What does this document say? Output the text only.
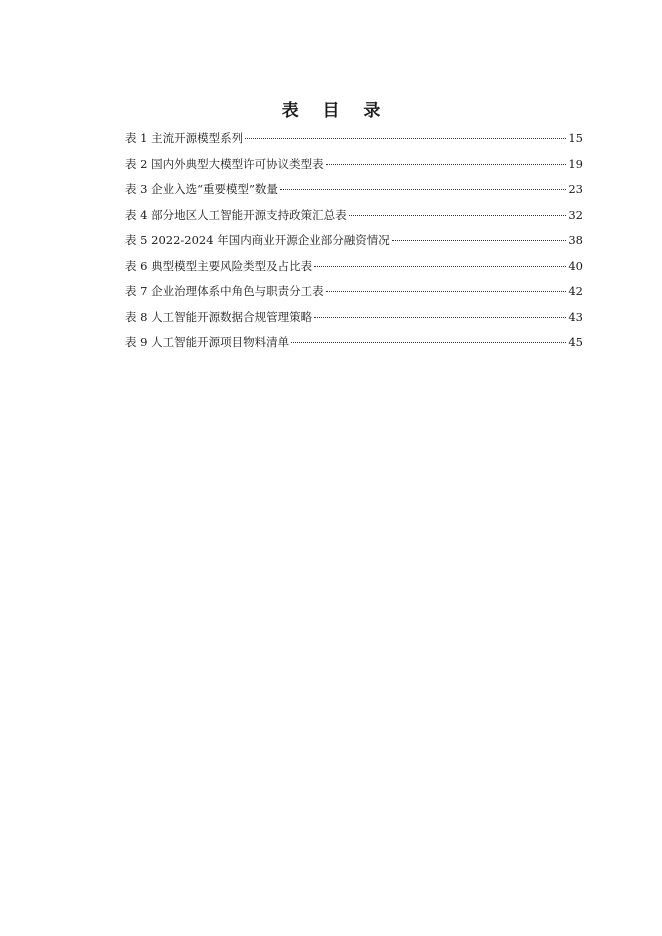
表 目 录
表 1 主流开源模型系列	15
表 2 国内外典型大模型许可协议类型表	19
表 3 企业入选“重要模型”数量	23
表 4 部分地区人工智能开源支持政策汇总表	32
表 5 2022-2024 年国内商业开源企业部分融资情况	38
表 6 典型模型主要风险类型及占比表	40
表 7 企业治理体系中角色与职责分工表	42
表 8 人工智能开源数据合规管理策略	43
表 9 人工智能开源项目物料清单	45
